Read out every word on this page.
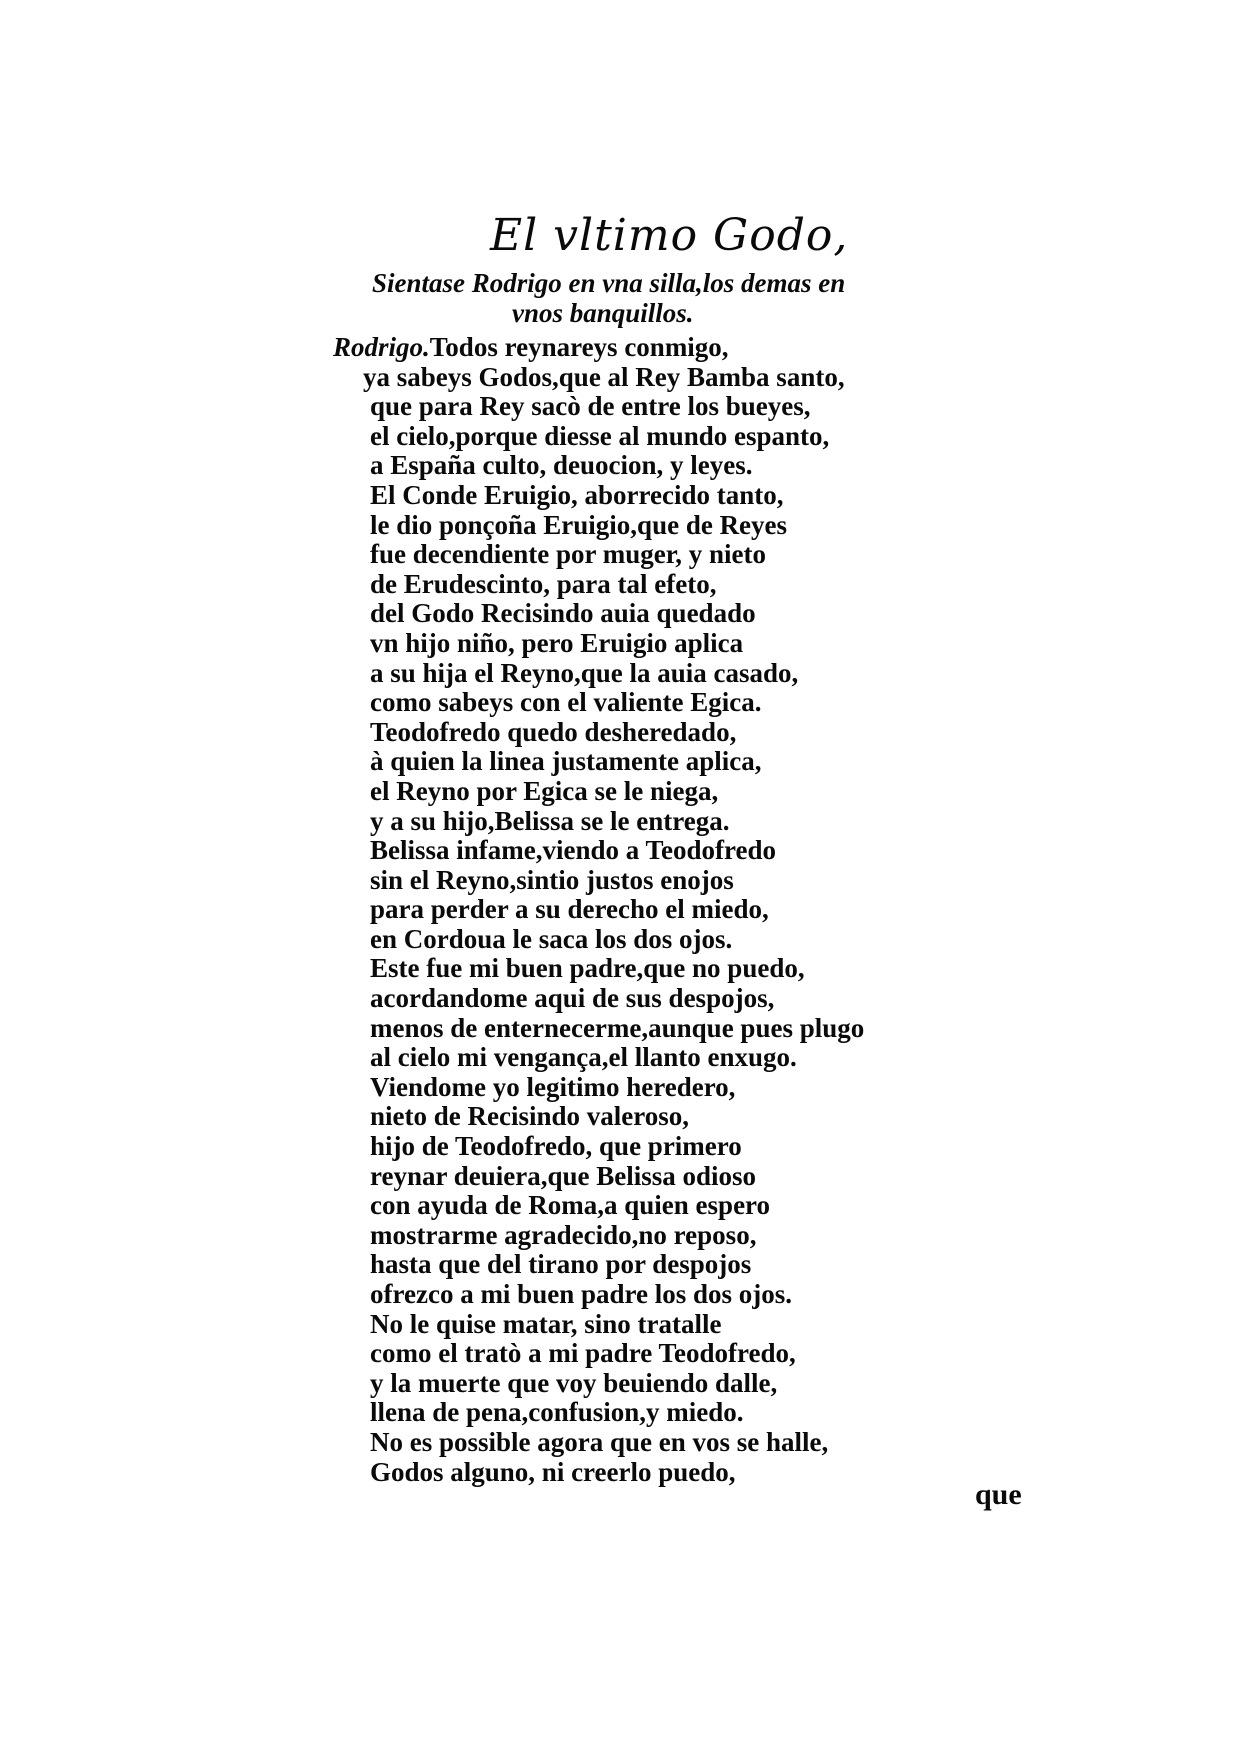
El vltimo Godo,
Sientase Rodrigo en vna silla,los demas en
vnos banquillos.
Rodrigo.Todos reynareys conmigo,
ya sabeys Godos,que al Rey Bamba santo,
que para Rey sacò de entre los bueyes,
el cielo,porque diesse al mundo espanto,
a España culto, deuocion, y leyes.
El Conde Eruigio, aborrecido tanto,
le dio ponçoña Eruigio,que de Reyes
fue decendiente por muger, y nieto
de Erudescinto, para tal efeto,
del Godo Recisindo auia quedado
vn hijo niño, pero Eruigio aplica
a su hija el Reyno,que la auia casado,
como sabeys con el valiente Egica.
Teodofredo quedo desheredado,
à quien la linea justamente aplica,
el Reyno por Egica se le niega,
y a su hijo,Belissa se le entrega.
Belissa infame,viendo a Teodofredo
sin el Reyno,sintio justos enojos
para perder a su derecho el miedo,
en Cordoua le saca los dos ojos.
Este fue mi buen padre,que no puedo,
acordandome aqui de sus despojos,
menos de enternecerme,aunque pues plugo
al cielo mi vengança,el llanto enxugo.
Viendome yo legitimo heredero,
nieto de Recisindo valeroso,
hijo de Teodofredo, que primero
reynar deuiera,que Belissa odioso
con ayuda de Roma,a quien espero
mostrarme agradecido,no reposo,
hasta que del tirano por despojos
ofrezco a mi buen padre los dos ojos.
No le quise matar, sino tratalle
como el tratò a mi padre Teodofredo,
y la muerte que voy beuiendo dalle,
llena de pena,confusion,y miedo.
No es possible agora que en vos se halle,
Godos alguno, ni creerlo puedo,
que
